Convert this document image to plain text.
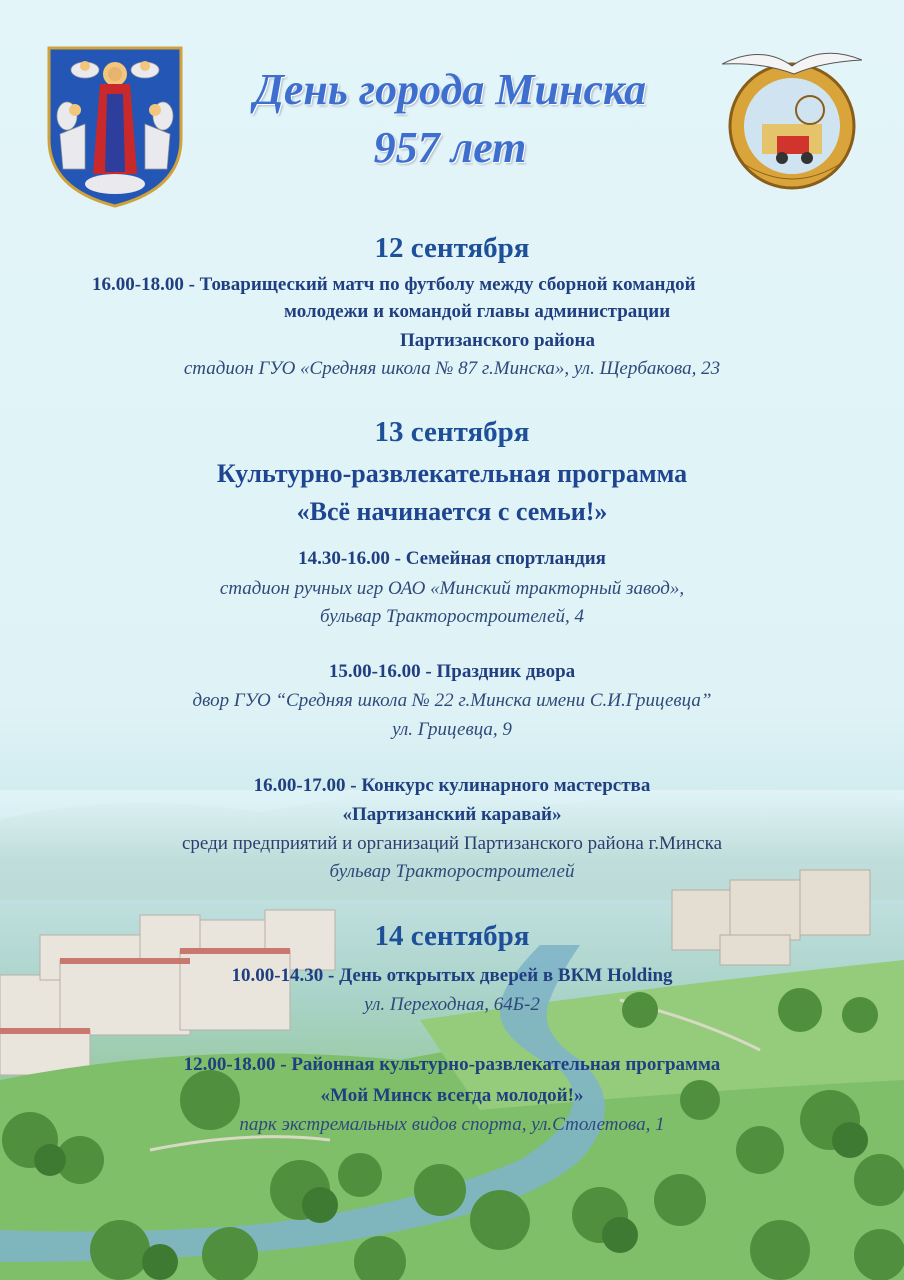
День города Минска
957 лет
12 сентября
16.00-18.00 - Товарищеский матч по футболу между сборной командой
молодежи и командой главы администрации
Партизанского района
стадион ГУО «Средняя школа № 87 г.Минска», ул. Щербакова, 23
13 сентября
Культурно-развлекательная программа
«Всё начинается с семьи!»
14.30-16.00 - Семейная спортландия
стадион ручных игр ОАО «Минский тракторный завод»,
бульвар Тракторостроителей, 4
15.00-16.00 - Праздник двора
двор ГУО “Средняя школа № 22 г.Минска имени С.И.Грицевца”
ул. Грицевца, 9
16.00-17.00 - Конкурс кулинарного мастерства
«Партизанский каравай»
среди предприятий и организаций Партизанского района г.Минска
бульвар Тракторостроителей
14 сентября
10.00-14.30 - День открытых дверей в ВКМ Holding
ул. Переходная, 64Б-2
12.00-18.00 - Районная культурно-развлекательная программа
«Мой Минск всегда молодой!»
парк экстремальных видов спорта, ул.Столетова, 1
